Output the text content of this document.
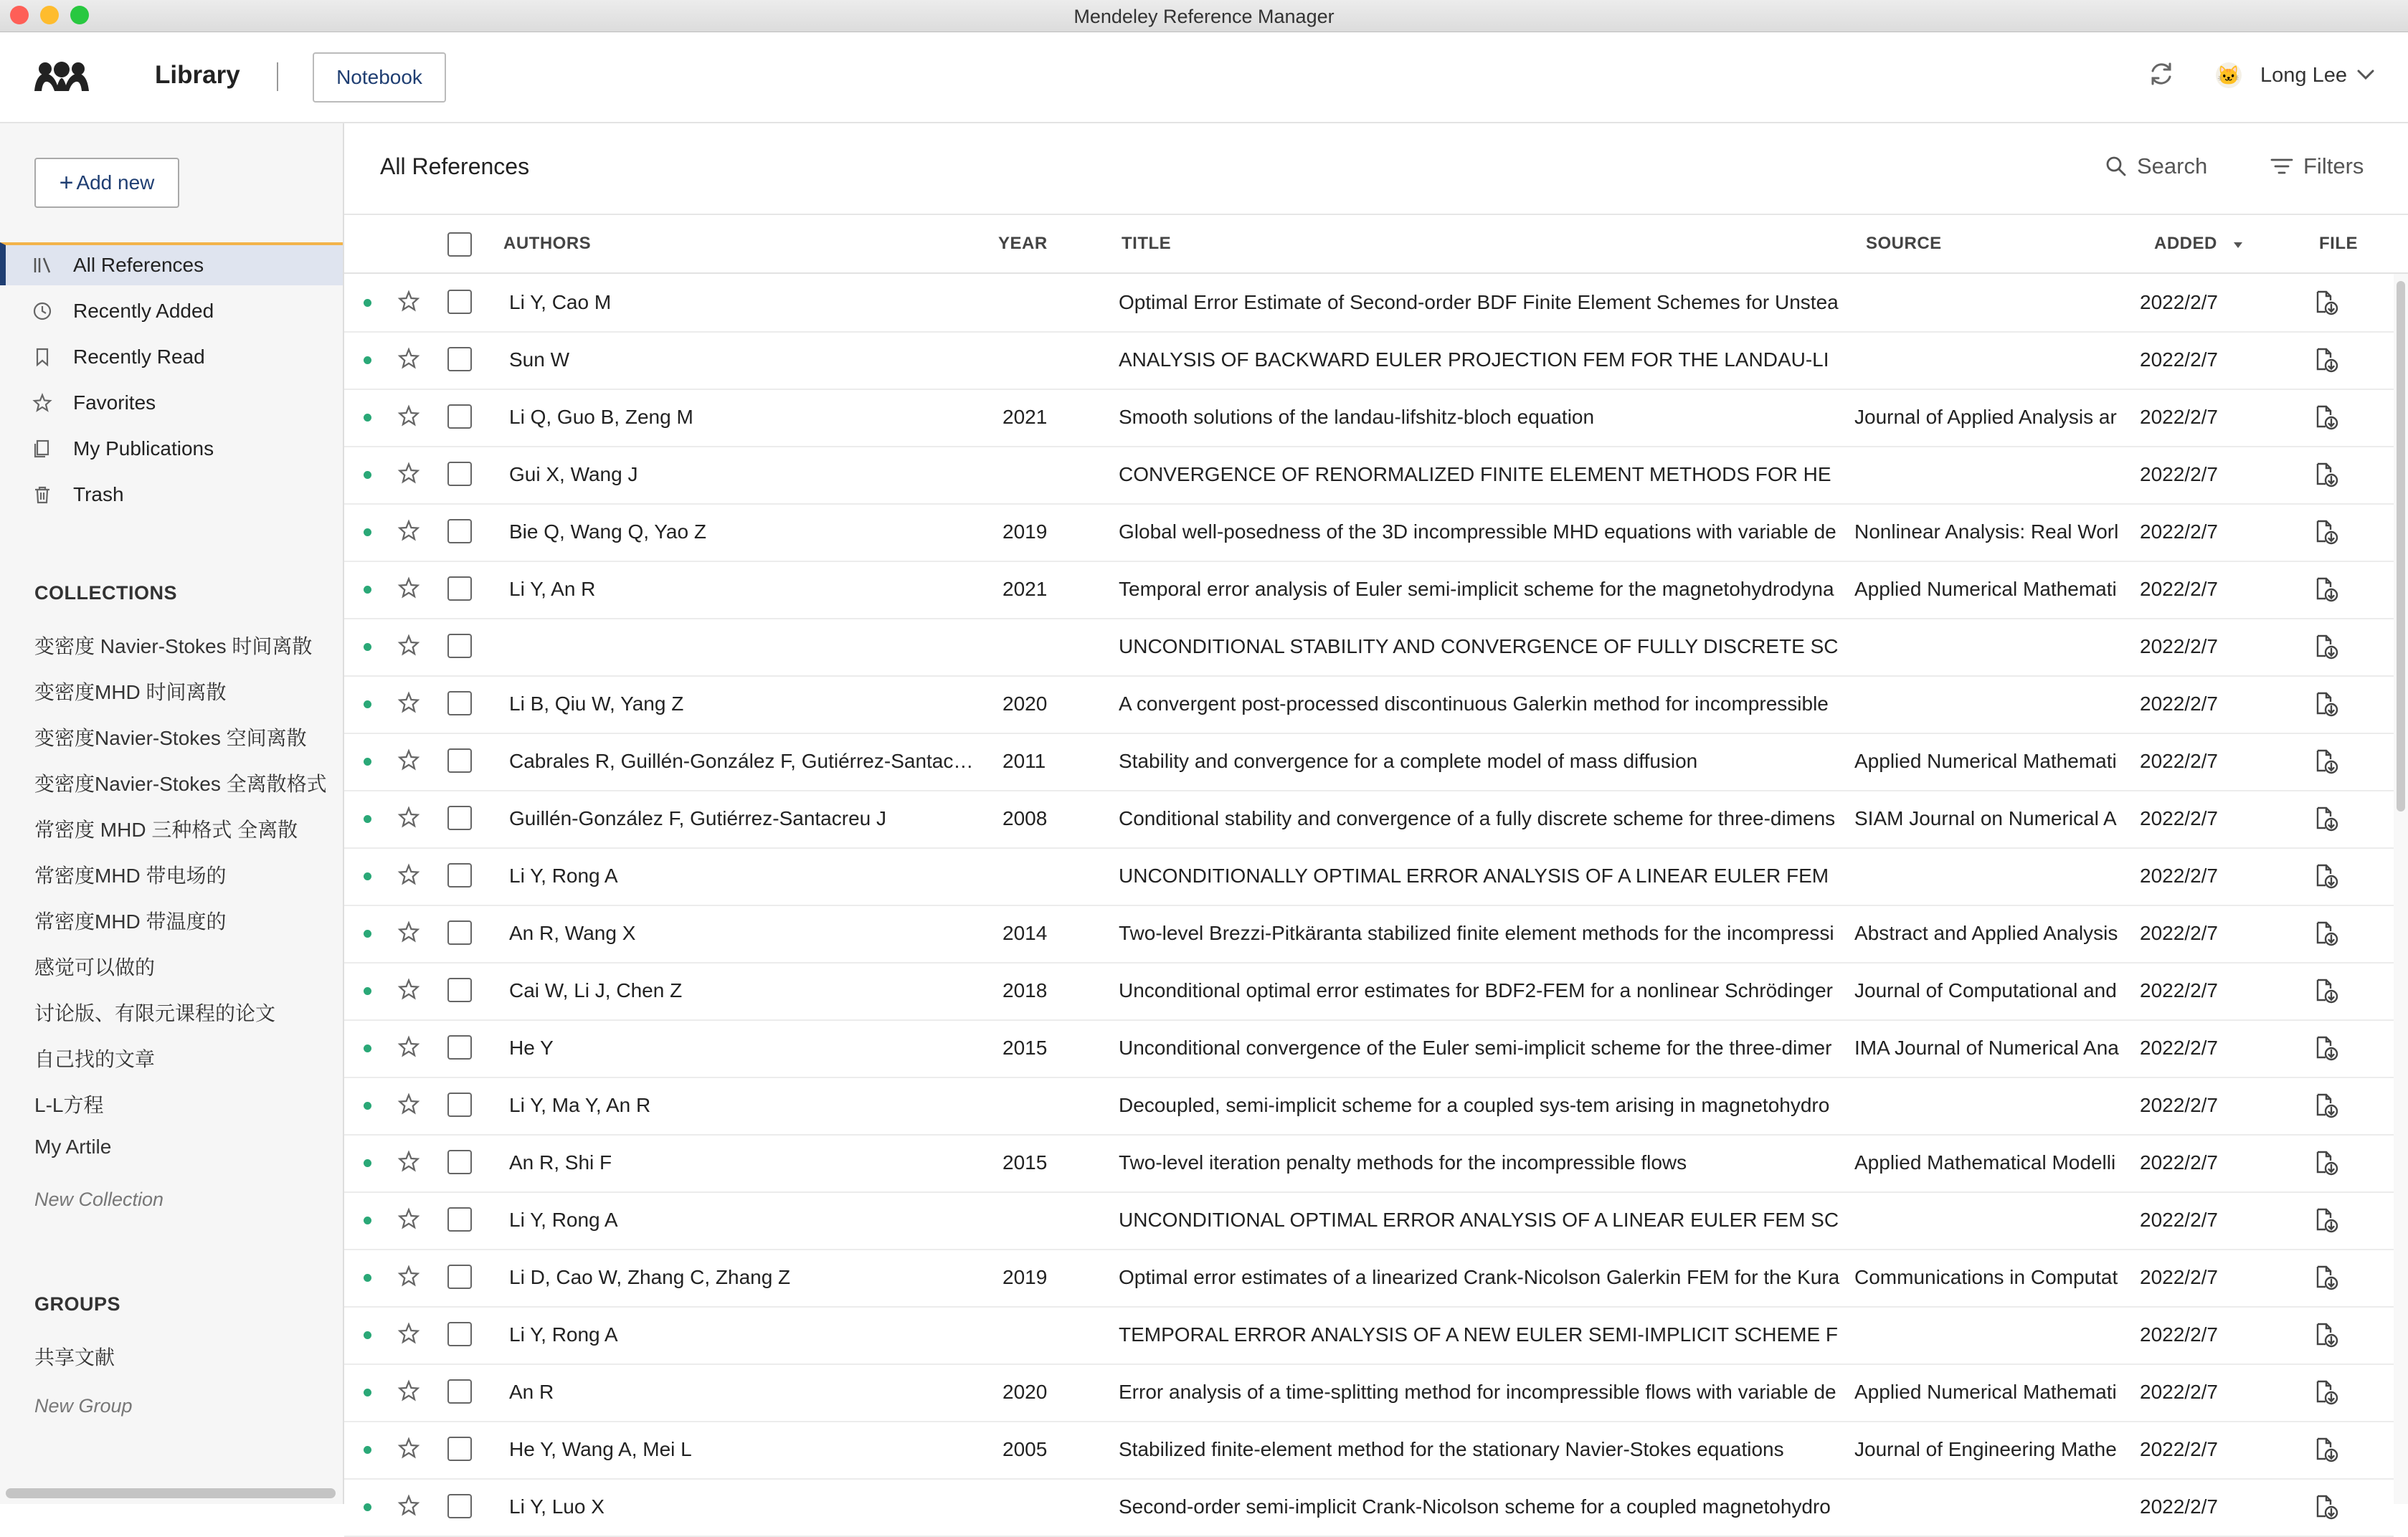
Mendeley Reference Manager
Library	Notebook	🐱 Long Lee
+ Add new
All References
Recently Added
Recently Read
Favorites
My Publications
Trash
COLLECTIONS
变密度 Navier-Stokes 时间离散
变密度MHD 时间离散
变密度Navier-Stokes 空间离散
变密度Navier-Stokes 全离散格式
常密度 MHD 三种格式 全离散
常密度MHD 带电场的
常密度MHD 带温度的
感觉可以做的
讨论版、有限元课程的论文
自己找的文章
L-L方程
My Artile
New Collection
GROUPS
共享文献
New Group
All References	Search	Filters
AUTHORS	YEAR	TITLE	SOURCE	ADDED	FILE
Li Y, Cao M	Optimal Error Estimate of Second-order BDF Finite Element Schemes for Unstea	2022/2/7
Sun W	ANALYSIS OF BACKWARD EULER PROJECTION FEM FOR THE LANDAU-LI	2022/2/7
Li Q, Guo B, Zeng M	2021	Smooth solutions of the landau-lifshitz-bloch equation	Journal of Applied Analysis ar 2022/2/7
Gui X, Wang J	CONVERGENCE OF RENORMALIZED FINITE ELEMENT METHODS FOR HE	2022/2/7
Bie Q, Wang Q, Yao Z	2019	Global well-posedness of the 3D incompressible MHD equations with variable de Nonlinear Analysis: Real Worl 2022/2/7
Li Y, An R	2021	Temporal error analysis of Euler semi-implicit scheme for the magnetohydrodyna Applied Numerical Mathemati 2022/2/7
UNCONDITIONAL STABILITY AND CONVERGENCE OF FULLY DISCRETE SC	2022/2/7
Li B, Qiu W, Yang Z	2020	A convergent post-processed discontinuous Galerkin method for incompressible	2022/2/7
Cabrales R, Guillén-González F, Gutiérrez-Santac… 2011	Stability and convergence for a complete model of mass diffusion	Applied Numerical Mathemati 2022/2/7
Guillén-González F, Gutiérrez-Santacreu J	2008	Conditional stability and convergence of a fully discrete scheme for three-dimens SIAM Journal on Numerical A 2022/2/7
Li Y, Rong A	UNCONDITIONALLY OPTIMAL ERROR ANALYSIS OF A LINEAR EULER FEM	2022/2/7
An R, Wang X	2014	Two-level Brezzi-Pitkäranta stabilized finite element methods for the incompressi Abstract and Applied Analysis 2022/2/7
Cai W, Li J, Chen Z	2018	Unconditional optimal error estimates for BDF2-FEM for a nonlinear Schrödinger Journal of Computational and 2022/2/7
He Y	2015	Unconditional convergence of the Euler semi-implicit scheme for the three-dimer IMA Journal of Numerical Ana 2022/2/7
Li Y, Ma Y, An R	Decoupled, semi-implicit scheme for a coupled sys-tem arising in magnetohydro	2022/2/7
An R, Shi F	2015	Two-level iteration penalty methods for the incompressible flows	Applied Mathematical Modelli 2022/2/7
Li Y, Rong A	UNCONDITIONAL OPTIMAL ERROR ANALYSIS OF A LINEAR EULER FEM SC	2022/2/7
Li D, Cao W, Zhang C, Zhang Z	2019	Optimal error estimates of a linearized Crank-Nicolson Galerkin FEM for the Kura Communications in Computat 2022/2/7
Li Y, Rong A	TEMPORAL ERROR ANALYSIS OF A NEW EULER SEMI-IMPLICIT SCHEME F	2022/2/7
An R	2020	Error analysis of a time-splitting method for incompressible flows with variable de Applied Numerical Mathemati 2022/2/7
He Y, Wang A, Mei L	2005	Stabilized finite-element method for the stationary Navier-Stokes equations	Journal of Engineering Mathe 2022/2/7
Li Y, Luo X	Second-order semi-implicit Crank-Nicolson scheme for a coupled magnetohydro	2022/2/7
